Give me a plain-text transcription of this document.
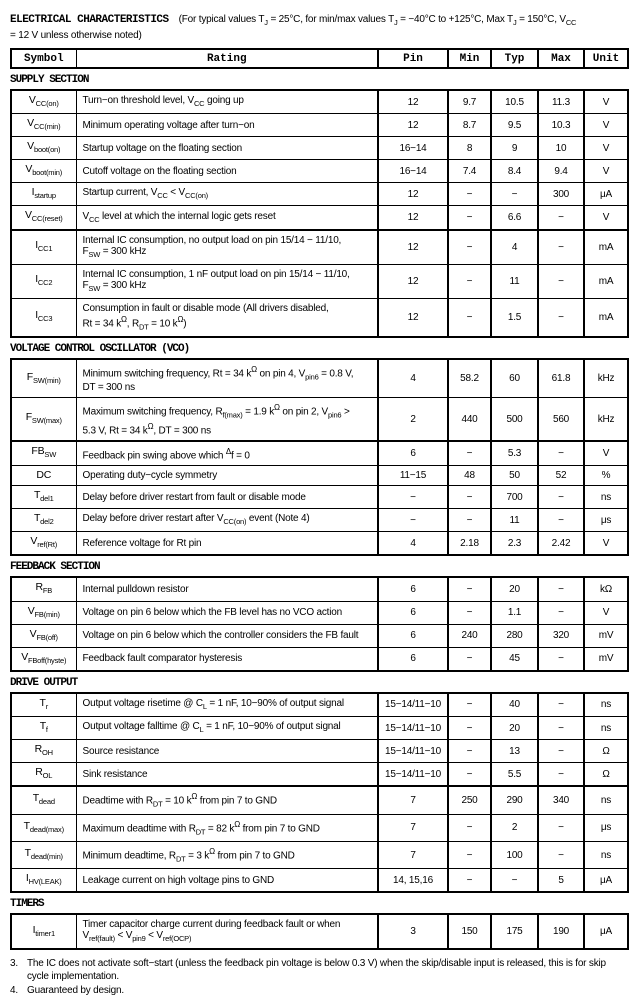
ELECTRICAL CHARACTERISTICS (For typical values $T_J = 25^\circ C$, for min/max values $T_J = -40^\circ C$ to +125°C, Max $T_J = 150^\circ C$, $V_{CC}$
= 12 V unless otherwise noted)
Symbol	Rating	Pin	Min	Typ	Max	Unit
SUPPLY SECTION
$V_{CC(on)}$	Turn−on threshold level, $V_{CC}$ going up	12	9.7	10.5	11.3	V
$V_{CC(min)}$	Minimum operating voltage after turn−on	12	8.7	9.5	10.3	V
$V_{boot(on)}$	Startup voltage on the floating section	16−14	8	9	10	V
$V_{boot(min)}$	Cutoff voltage on the floating section	16−14	7.4	8.4	9.4	V
$I_{startup}$	Startup current, $V_{CC} < V_{CC(on)}$	12	−	−	300	μA
$V_{CC(reset)}$	$V_{CC}$ level at which the internal logic gets reset	12	−	6.6	−	V
$I_{CC1}$	Internal IC consumption, no output load on pin 15/14 − 11/10,
$F_{SW} = 300$ kHz	12	−	4	−	mA
$I_{CC2}$	Internal IC consumption, 1 nF output load on pin 15/14 − 11/10,
$F_{SW} = 300$ kHz	12	−	11	−	mA
$I_{CC3}$	Consumption in fault or disable mode (All drivers disabled,
Rt = 34 $k^\Omega$, $R_{DT} = 10$ $k^\Omega$)	12	−	1.5	−	mA
VOLTAGE CONTROL OSCILLATOR (VCO)
$F_{SW(min)}$	Minimum switching frequency, Rt = 34 $k^\Omega$ on pin 4, $V_{pin6} = 0.8$ V,
DT = 300 ns	4	58.2	60	61.8	kHz
$F_{SW(max)}$	Maximum switching frequency, $R_{f(max)} = 1.9$ $k^\Omega$ on pin 2, $V_{pin6}$ >
5.3 V, Rt = 34 $k^\Omega$, DT = 300 ns	2	440	500	560	kHz
$FB_{SW}$	Feedback pin swing above which $^\Delta$f = 0	6	−	5.3	−	V
DC	Operating duty−cycle symmetry	11−15	48	50	52	%
$T_{del1}$	Delay before driver restart from fault or disable mode	−	−	700	−	ns
$T_{del2}$	Delay before driver restart after $V_{CC(on)}$ event (Note 4)	−	−	11	−	μs
$V_{ref(Rt)}$	Reference voltage for Rt pin	4	2.18	2.3	2.42	V
FEEDBACK SECTION
$R_{FB}$	Internal pulldown resistor	6	−	20	−	kΩ
$V_{FB(min)}$	Voltage on pin 6 below which the FB level has no VCO action	6	−	1.1	−	V
$V_{FB(off)}$	Voltage on pin 6 below which the controller considers the FB fault	6	240	280	320	mV
$V_{FBoff(hyste)}$	Feedback fault comparator hysteresis	6	−	45	−	mV
DRIVE OUTPUT
$T_r$	Output voltage risetime @ $C_L = 1$ nF, 10−90% of output signal	15−14/11−10	−	40	−	ns
$T_f$	Output voltage falltime @ $C_L = 1$ nF, 10−90% of output signal	15−14/11−10	−	20	−	ns
$R_{OH}$	Source resistance	15−14/11−10	−	13	−	Ω
$R_{OL}$	Sink resistance	15−14/11−10	−	5.5	−	Ω
$T_{dead}$	Deadtime with $R_{DT} = 10$ $k^\Omega$ from pin 7 to GND	7	250	290	340	ns
$T_{dead(max)}$	Maximum deadtime with $R_{DT} = 82$ $k^\Omega$ from pin 7 to GND	7	−	2	−	μs
$T_{dead(min)}$	Minimum deadtime, $R_{DT} = 3$ $k^\Omega$ from pin 7 to GND	7	−	100	−	ns
$I_{HV(LEAK)}$	Leakage current on high voltage pins to GND	14, 15,16	−	−	5	μA
TIMERS
$I_{timer1}$	Timer capacitor charge current during feedback fault or when
$V_{ref(fault)} < V_{pin9} < V_{ref(OCP)}$	3	150	175	190	μA
3. The IC does not activate soft−start (unless the feedback pin voltage is below 0.3 V) when the skip/disable input is released, this is for skip cycle implementation.
4. Guaranteed by design.
